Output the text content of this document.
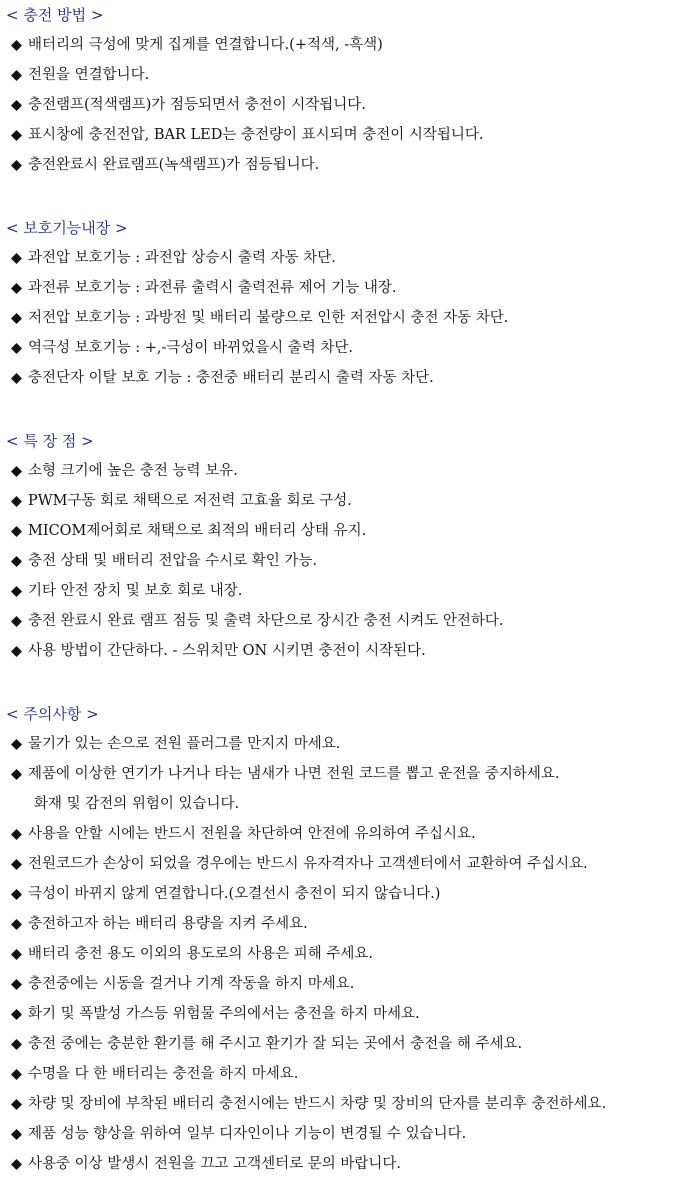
< 충전 방법 >
배터리의 극성에 맞게 집게를 연결합니다.(+적색, -흑색)
전원을 연결합니다.
충전램프(적색램프)가 점등되면서 충전이 시작됩니다.
표시창에 충전전압, BAR LED는 충전량이 표시되며 충전이 시작됩니다.
충전완료시 완료램프(녹색램프)가 점등됩니다.
< 보호기능내장 >
과전압 보호기능 : 과전압 상승시 출력 자동 차단.
과전류 보호기능 : 과전류 출력시 출력전류 제어 기능 내장.
저전압 보호기능 : 과방전 및 배터리 불량으로 인한 저전압시 충전 자동 차단.
역극성 보호기능 : +,-극성이 바뀌었을시 출력 차단.
충전단자 이탈 보호 기능 : 충전중 배터리 분리시 출력 자동 차단.
< 특 장 점 >
소형 크기에 높은 충전 능력 보유.
PWM구동 회로 채택으로 저전력 고효율 회로 구성.
MICOM제어회로 채택으로 최적의 배터리 상태 유지.
충전 상태 및 배터리 전압을 수시로 확인 가능.
기타 안전 장치 및 보호 회로 내장.
충전 완료시 완료 램프 점등 및 출력 차단으로 장시간 충전 시켜도 안전하다.
사용 방법이 간단하다. - 스위치만 ON 시키면 충전이 시작된다.
< 주의사항 >
물기가 있는 손으로 전원 플러그를 만지지 마세요.
제품에 이상한 연기가 나거나 타는 냄새가 나면 전원 코드를 뽑고 운전을 중지하세요.
화재 및 감전의 위험이 있습니다.
사용을 안할 시에는 반드시 전원을 차단하여 안전에 유의하여 주십시요.
전원코드가 손상이 되었을 경우에는 반드시 유자격자나 고객센터에서 교환하여 주십시요.
극성이 바뀌지 않게 연결합니다.(오결선시 충전이 되지 않습니다.)
충전하고자 하는 배터리 용량을 지켜 주세요.
배터리 충전 용도 이외의 용도로의 사용은 피해 주세요.
충전중에는 시동을 걸거나 기계 작동을 하지 마세요.
화기 및 폭발성 가스등 위험물 주의에서는 충전을 하지 마세요.
충전 중에는 충분한 환기를 해 주시고 환기가 잘 되는 곳에서 충전을 해 주세요.
수명을 다 한 배터리는 충전을 하지 마세요.
차량 및 장비에 부착된 배터리 충전시에는 반드시 차량 및 장비의 단자를 분리후 충전하세요.
제품 성능 향상을 위하여 일부 디자인이나 기능이 변경될 수 있습니다.
사용중 이상 발생시 전원을 끄고 고객센터로 문의 바랍니다.
